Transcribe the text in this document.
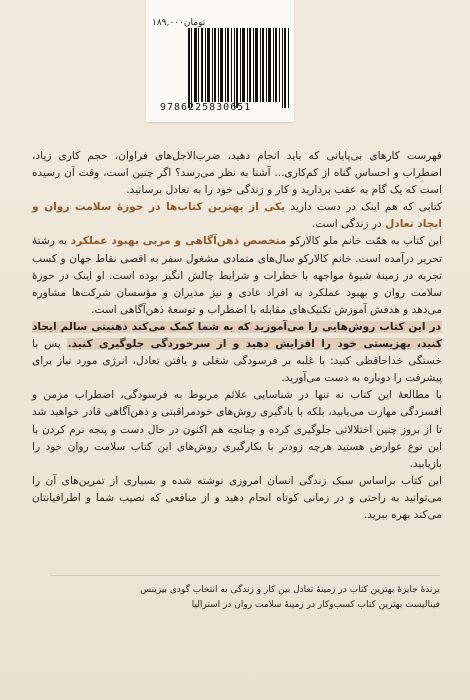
۱۸۹,۰۰۰تومان
9786225830651

فهرست کارهای بی‌پایانی که باید انجام دهید، ضرب‌الاجل‌های فراوان، حجم کاری زیاد، اضطراب و احساس گناه از کم‌کاری... آشنا به نظر می‌رسد؟ اگر چنین است، وقت آن رسیده است که یک گام به عقب بردارید و کار و زندگی خود را به تعادل برسانید.

کتابی که هم اینک در دست دارید یکی از بهترین کتاب‌ها در حوزهٔ سلامت روان و ایجاد تعادل در زندگی است.

این کتاب به همّت خانم ملو کالارکو متخصص ذهن‌آگاهی و مربی بهبود عملکرد به رشتهٔ تحریر درآمده است. خانم کالارکو سال‌های متمادی مشغول سفر به اقصی نقاط جهان و کسب تجربه در زمینهٔ شیوهٔ مواجهه با خطرات و شرایط چالش انگیز بوده است. او اینک در حوزهٔ سلامت روان و بهبود عملکرد به افراد عادی و نیز مدیران و مؤسسان شرکت‌ها مشاوره می‌دهد و هدفش آموزش تکنیک‌های مقابله با اضطراب و توسعهٔ ذهن‌آگاهی است.

در این کتاب روش‌هایی را می‌آموزید که به شما کمک می‌کند ذهنیتی سالم ایجاد کنید، بهزیستی خود را افزایش دهید و از سرخوردگی جلوگیری کنید. پس با خستگی خداحافظی کنید: با غلبه بر فرسودگی شغلی و یافتن تعادل، انرژی مورد نیاز برای پیشرفت را دوباره به دست می‌آورید.

با مطالعهٔ این کتاب نه تنها در شناسایی علائم مربوط به فرسودگی، اضطراب مزمن و افسردگی مهارت می‌یابید، بلکه با یادگیری روش‌های خودمراقبتی و ذهن‌آگاهی قادر خواهید شد تا از بروز چنین اختلالاتی جلوگیری کرده و چنانچه هم اکنون در حال دست و پنجه نرم کردن با این نوع عوارض هستید هرچه زودتر با بکارگیری روش‌های این کتاب سلامت روان خود را بازیابید.

این کتاب براساس سبک زندگی انسان امروزی نوشته شده و بسیاری از تمرین‌های آن را می‌توانید به راحتی و در زمانی کوتاه انجام دهید و از منافعی که نصیب شما و اطرافیانتان می‌کند بهره ببرید.

برندهٔ جایزهٔ بهترین کتاب در زمینهٔ تعادل بین کار و زندگی به انتخاب گودی بیزینس
فینالیست بهترین کتاب کسب‌وکار در زمینهٔ سلامت روان در استرالیا
